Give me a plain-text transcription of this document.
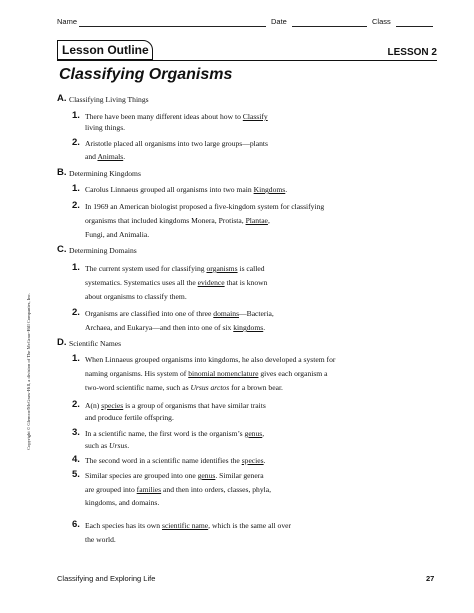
Name	Date	Class
Lesson Outline	LESSON 2
Classifying Organisms
A. Classifying Living Things
1. There have been many different ideas about how to Classify
living things.
2. Aristotle placed all organisms into two large groups—plants
and Animals.
B. Determining Kingdoms
1. Carolus Linnaeus grouped all organisms into two main Kingdoms.
2. In 1969 an American biologist proposed a five-kingdom system for classifying
organisms that included kingdoms Monera, Protista, Plantae,
Fungi, and Animalia.
C. Determining Domains
1. The current system used for classifying organisms is called
systematics. Systematics uses all the evidence that is known
about organisms to classify them.
2. Organisms are classified into one of three domains—Bacteria,
Archaea, and Eukarya—and then into one of six kingdoms.
D. Scientific Names
1. When Linnaeus grouped organisms into kingdoms, he also developed a system for
naming organisms. His system of binomial nomenclature gives each organism a
two-word scientific name, such as Ursus arctos for a brown bear.
2. A(n) species is a group of organisms that have similar traits
and produce fertile offspring.
3. In a scientific name, the first word is the organism’s genus,
such as Ursus.
4. The second word in a scientific name identifies the species.
5. Similar species are grouped into one genus. Similar genera
are grouped into families and then into orders, classes, phyla,
kingdoms, and domains.
6. Each species has its own scientific name, which is the same all over
the world.
Copyright © Glencoe/McGraw-Hill, a division of The McGraw-Hill Companies, Inc.
Classifying and Exploring Life	27
